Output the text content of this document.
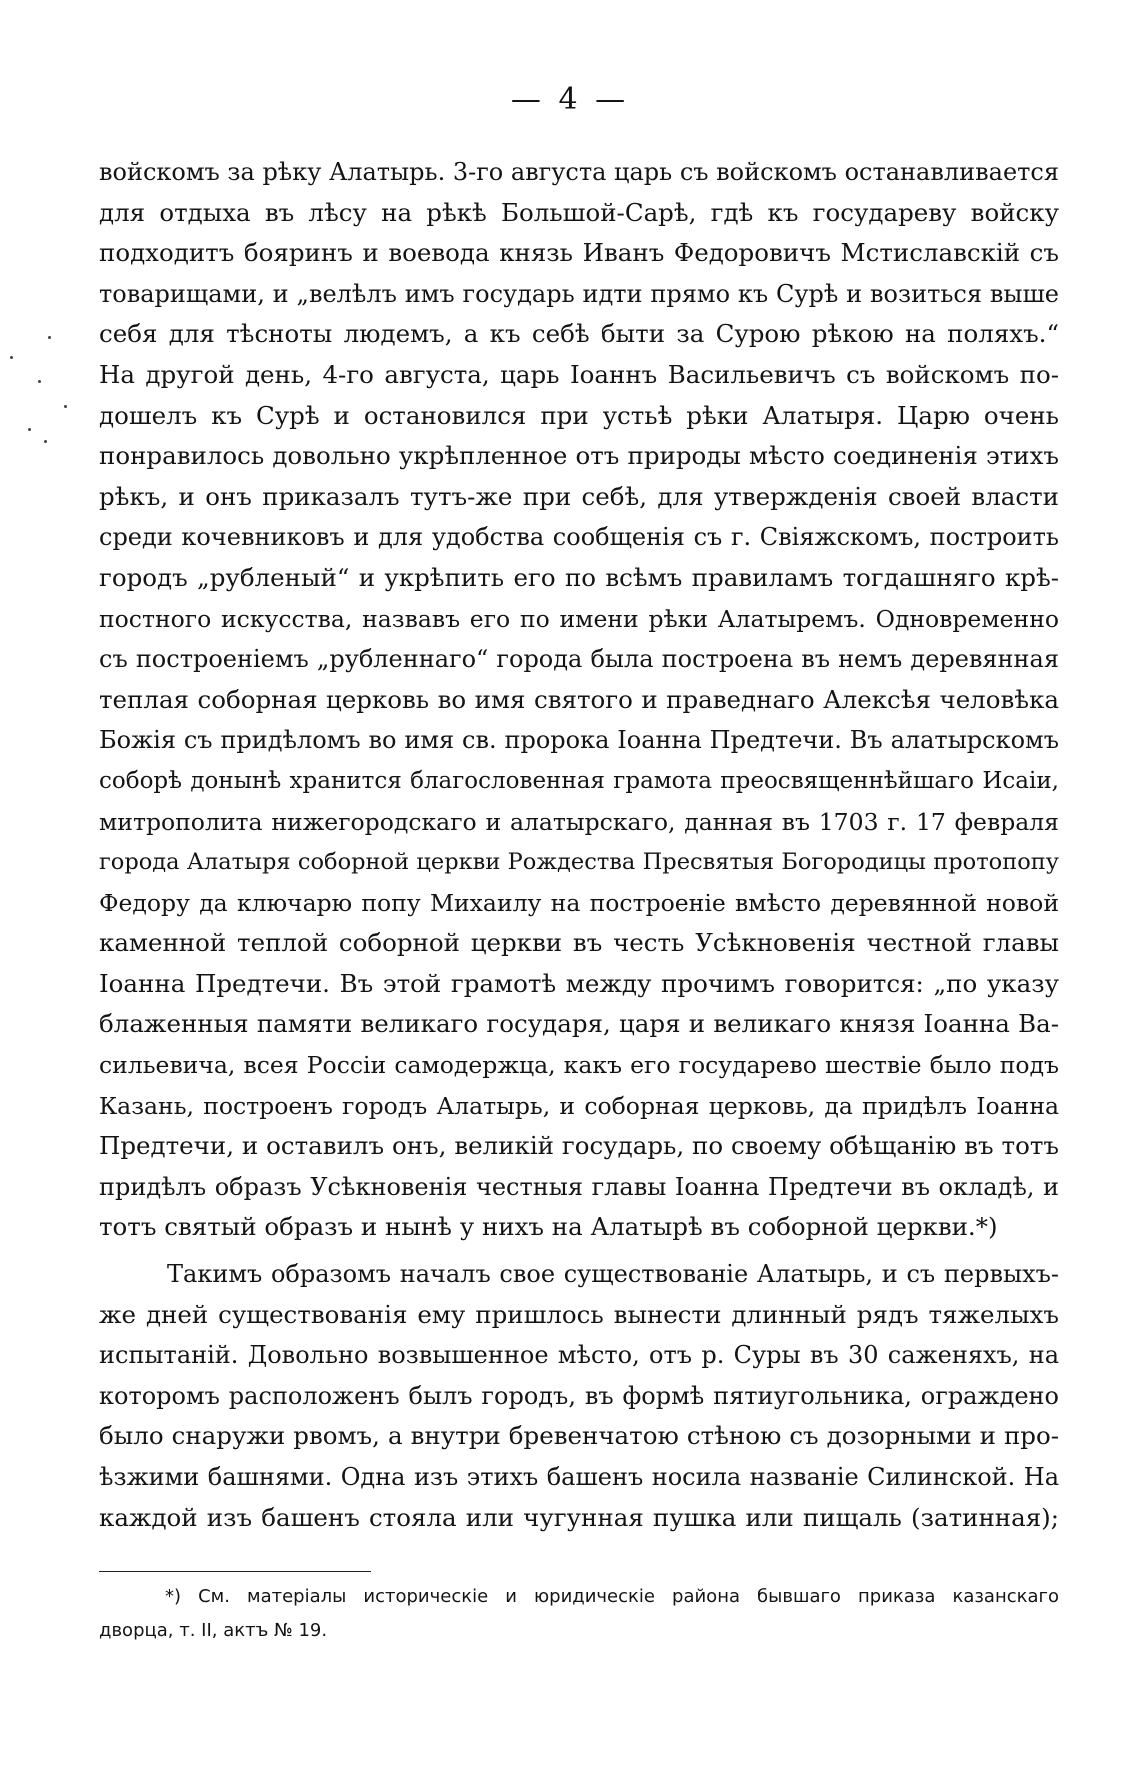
— 4 —
войскомъ за рѣку Алатырь. 3-го августа царь съ войскомъ останавливается
для отдыха въ лѣсу на рѣкѣ Большой-Сарѣ, гдѣ къ государеву войску
подходитъ бояринъ и воевода князь Иванъ Федоровичъ Мстиславскій съ
товарищами, и „велѣлъ имъ государь идти прямо къ Сурѣ и возиться выше
себя для тѣсноты людемъ, а къ себѣ быти за Сурою рѣкою на поляхъ.“
На другой день, 4-го августа, царь Іоаннъ Васильевичъ съ войскомъ по-
дошелъ къ Сурѣ и остановился при устьѣ рѣки Алатыря. Царю очень
понравилось довольно укрѣпленное отъ природы мѣсто соединенія этихъ
рѣкъ, и онъ приказалъ тутъ-же при себѣ, для утвержденія своей власти
среди кочевниковъ и для удобства сообщенія съ г. Свіяжскомъ, построить
городъ „рубленый“ и укрѣпить его по всѣмъ правиламъ тогдашняго крѣ-
постного искусства, назвавъ его по имени рѣки Алатыремъ. Одновременно
съ построеніемъ „рубленнаго“ города была построена въ немъ деревянная
теплая соборная церковь во имя святого и праведнаго Алексѣя человѣка
Божія съ придѣломъ во имя св. пророка Іоанна Предтечи. Въ алатырскомъ
соборѣ донынѣ хранится благословенная грамота преосвященнѣйшаго Исаіи,
митрополита нижегородскаго и алатырскаго, данная въ 1703 г. 17 февраля
города Алатыря соборной церкви Рождества Пресвятыя Богородицы протопопу
Федору да ключарю попу Михаилу на построеніе вмѣсто деревянной новой
каменной теплой соборной церкви въ честь Усѣкновенія честной главы
Іоанна Предтечи. Въ этой грамотѣ между прочимъ говорится: „по указу
блаженныя памяти великаго государя, царя и великаго князя Іоанна Ва-
сильевича, всея Россіи самодержца, какъ его государево шествіе было подъ
Казань, построенъ городъ Алатырь, и соборная церковь, да придѣлъ Іоанна
Предтечи, и оставилъ онъ, великій государь, по своему обѣщанію въ тотъ
придѣлъ образъ Усѣкновенія честныя главы Іоанна Предтечи въ окладѣ, и
тотъ святый образъ и нынѣ у нихъ на Алатырѣ въ соборной церкви.*)
Такимъ образомъ началъ свое существованіе Алатырь, и съ первыхъ-
же дней существованія ему пришлось вынести длинный рядъ тяжелыхъ
испытаній. Довольно возвышенное мѣсто, отъ р. Суры въ 30 саженяхъ, на
которомъ расположенъ былъ городъ, въ формѣ пятиугольника, ограждено
было снаружи рвомъ, а внутри бревенчатою стѣною съ дозорными и про-
ѣзжими башнями. Одна изъ этихъ башенъ носила названіе Силинской. На
каждой изъ башенъ стояла или чугунная пушка или пищаль (затинная);
*) См. матеріалы историческіе и юридическіе района бывшаго приказа казанскаго
дворца, т. II, актъ № 19.
